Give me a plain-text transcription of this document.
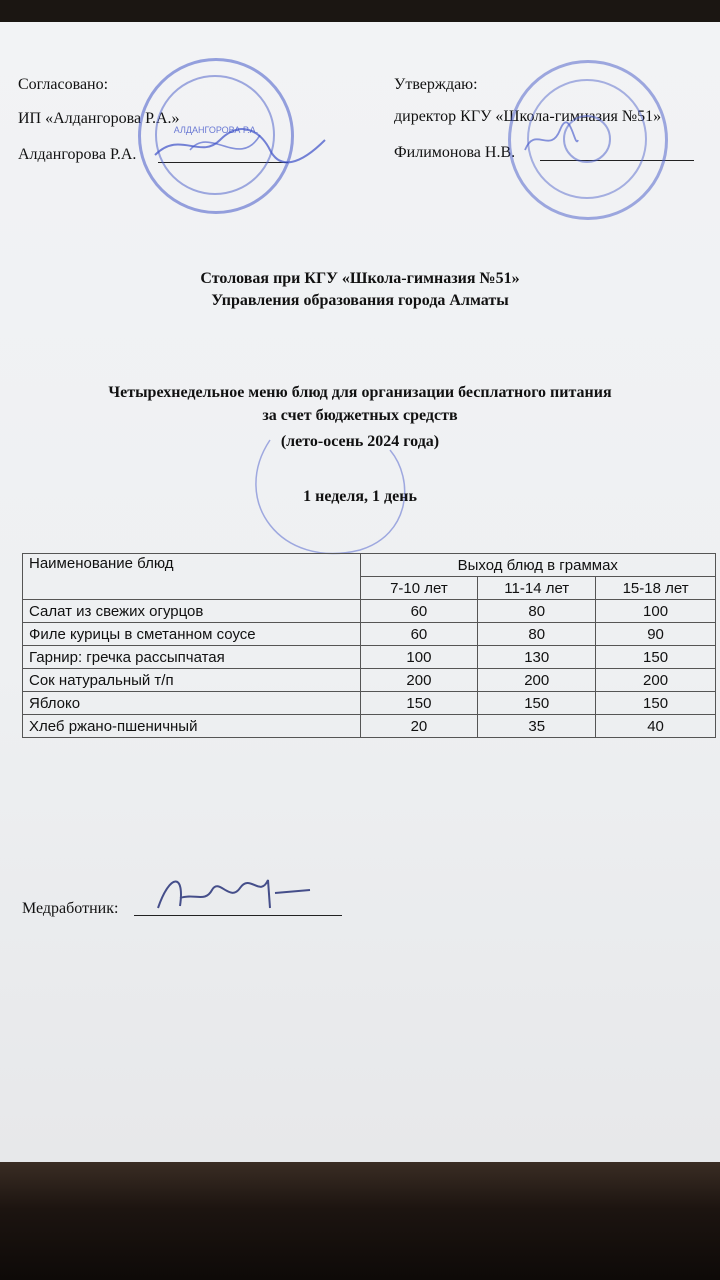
Согласовано:
ИП «Алдангорова Р.А.»
Алдангорова Р.А.
Утверждаю:
директор КГУ «Школа-гимназия №51»
Филимонова Н.В.
АЛДАНГОРОВА Р.А.
Столовая при КГУ «Школа-гимназия №51»
Управления образования города Алматы
Четырехнедельное меню блюд для организации бесплатного питания
за счет бюджетных средств
(лето-осень 2024 года)
1 неделя, 1 день
Наименование блюд	Выход блюд в граммах		
	7-10 лет	11-14 лет	15-18 лет
Салат из свежих огурцов	60	80	100
Филе курицы в сметанном соусе	60	80	90
Гарнир: гречка рассыпчатая	100	130	150
Сок натуральный т/п	200	200	200
Яблоко	150	150	150
Хлеб ржано-пшеничный	20	35	40
Медработник:
